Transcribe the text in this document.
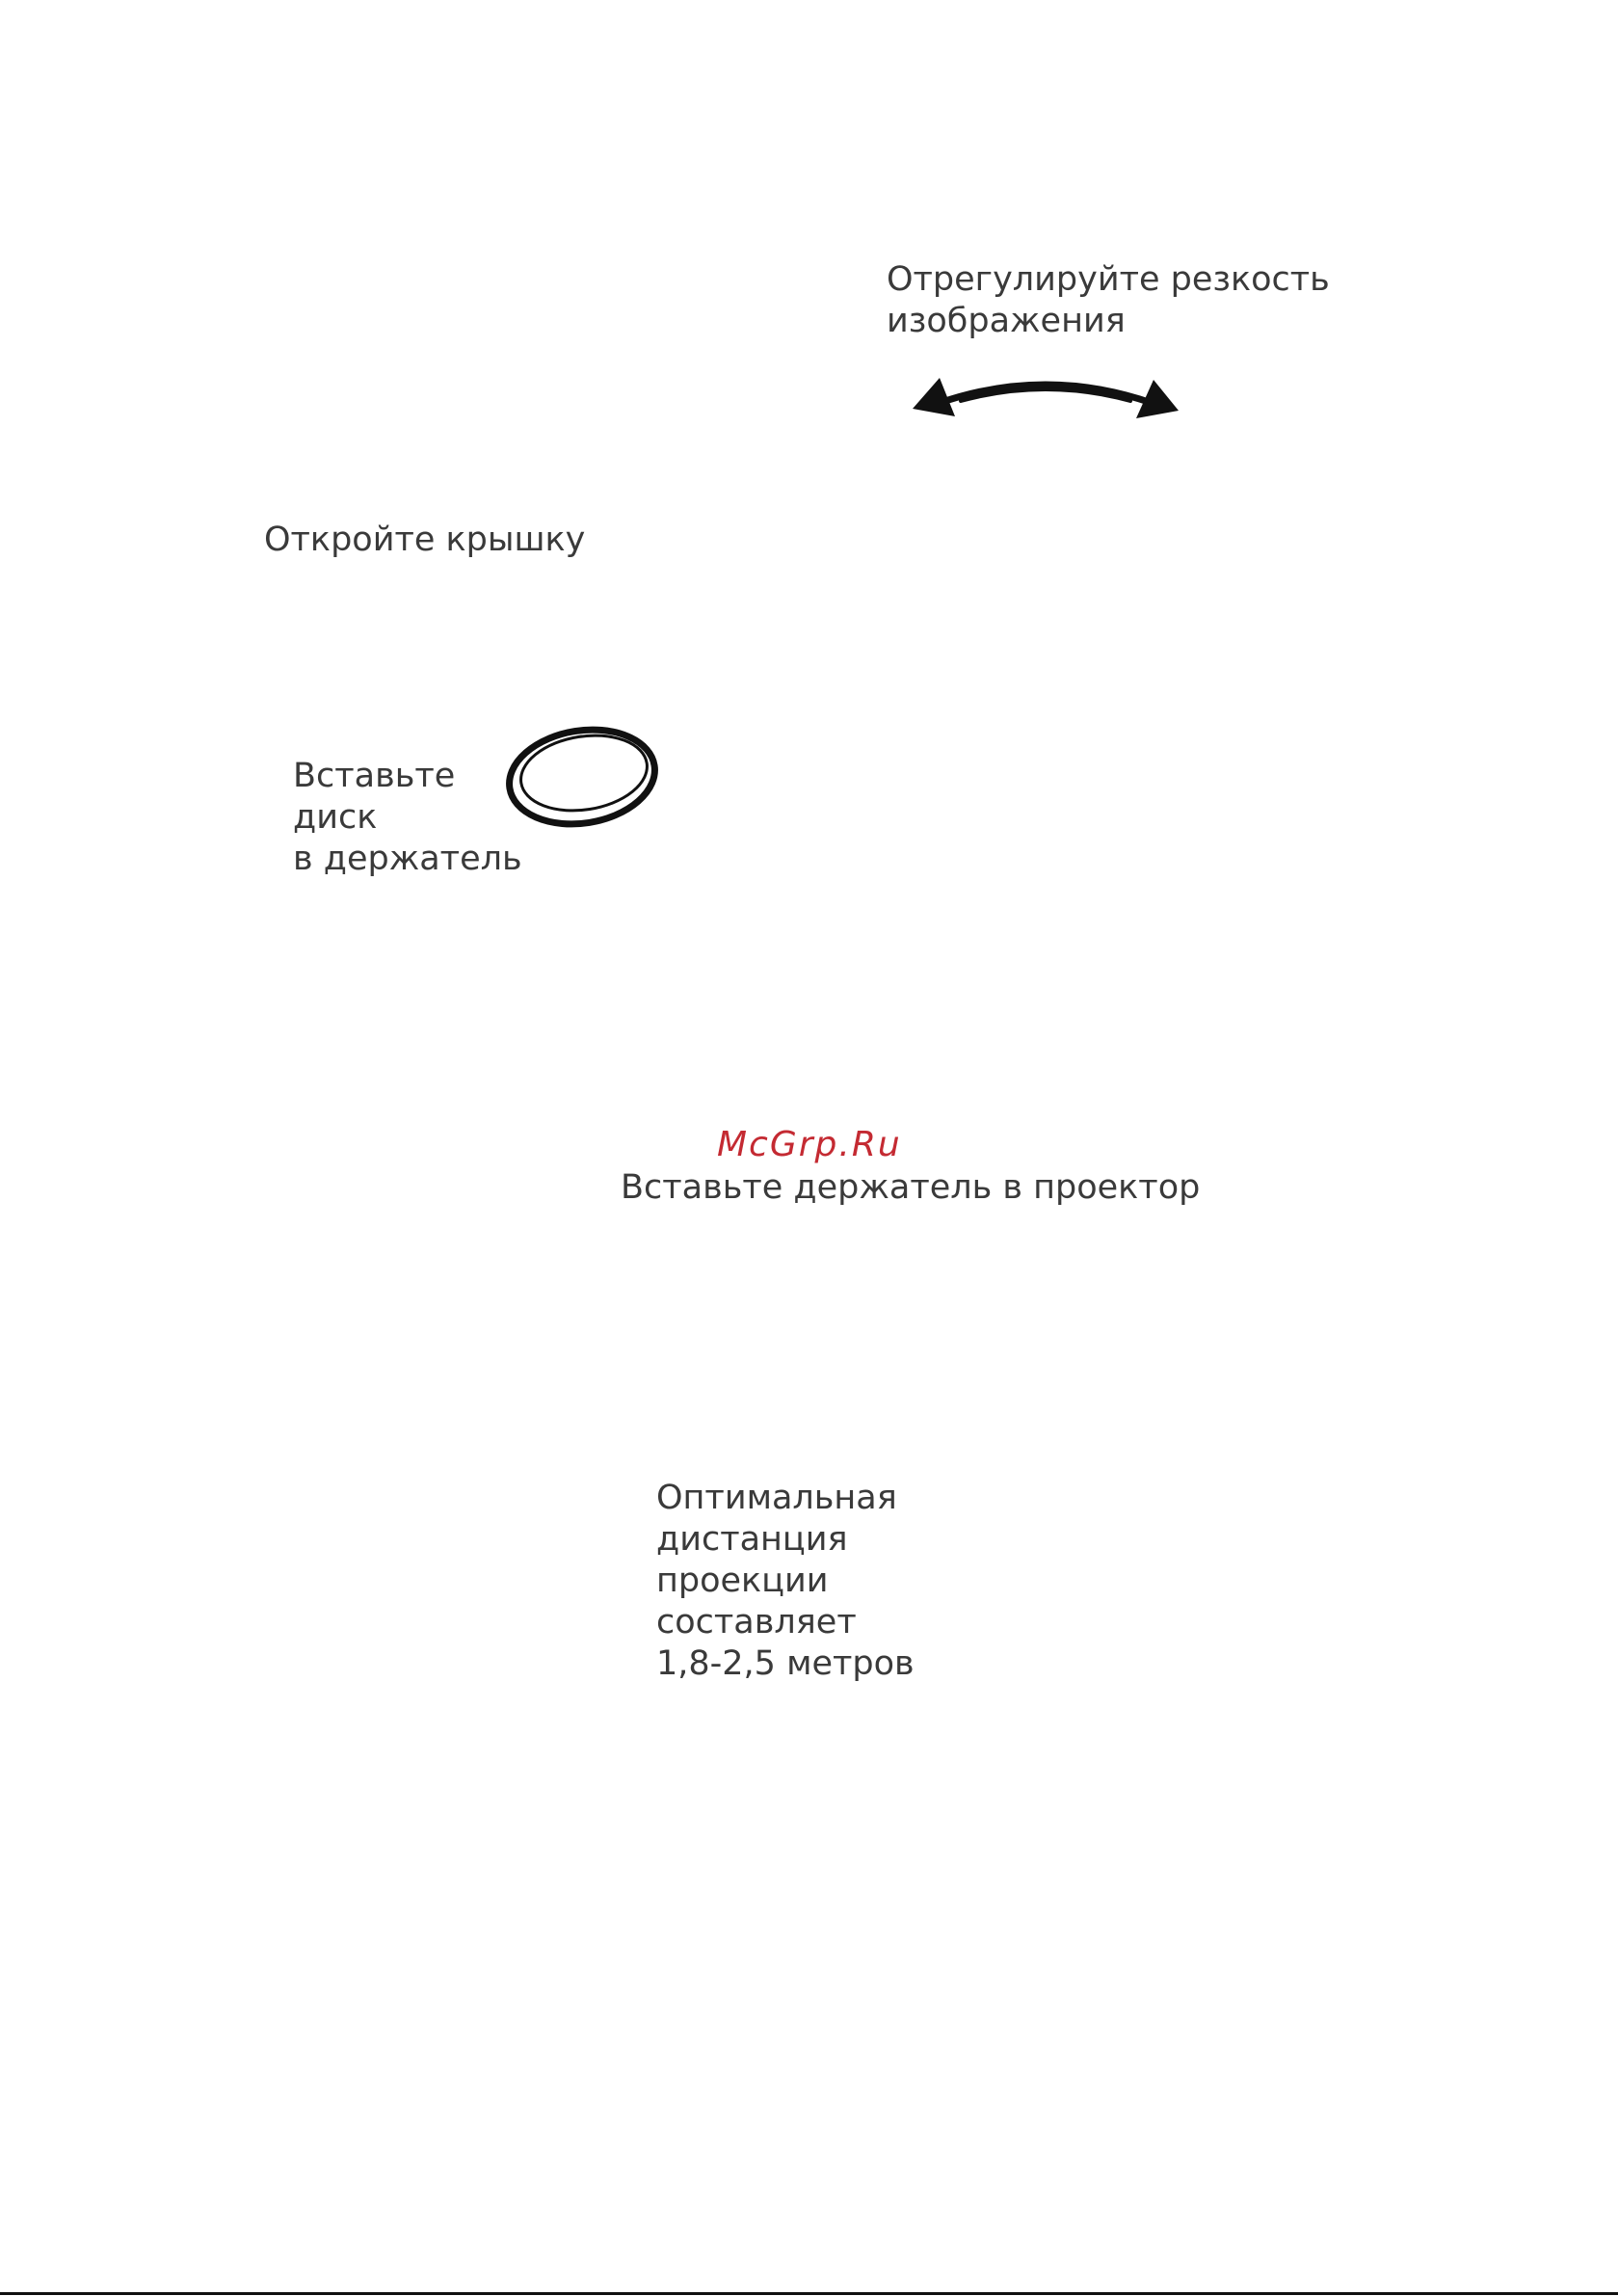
Отрегулируйте резкость
изображения

Откройте крышку

Вставьте
диск
в держатель

McGrp.Ru

Вставьте держатель в проектор

Оптимальная
дистанция
проекции
составляет
1,8-2,5 метров
